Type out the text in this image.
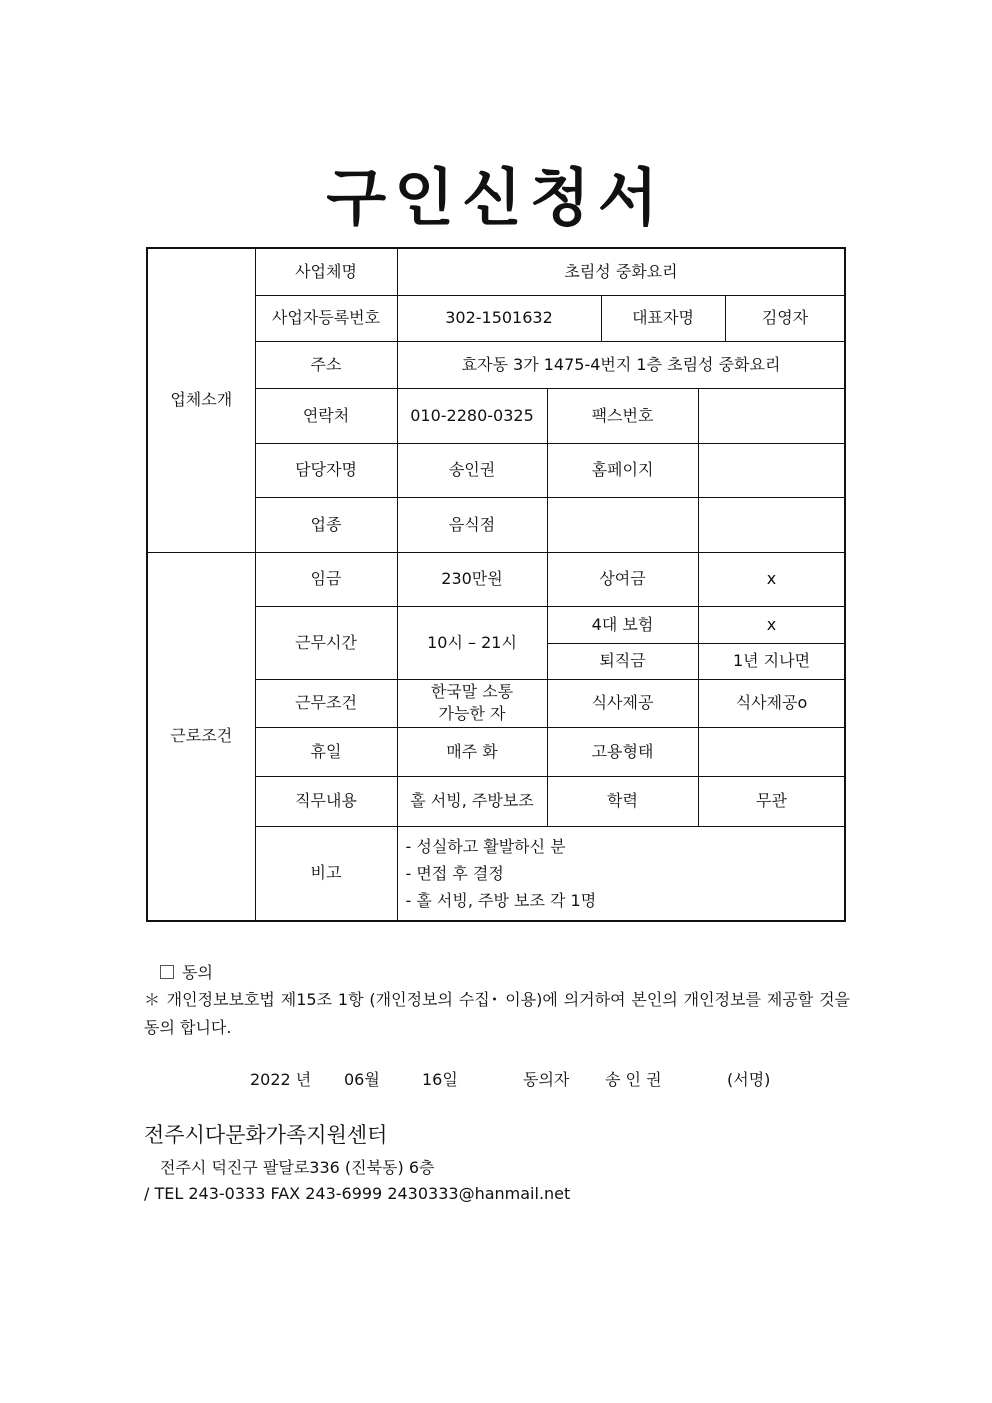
구인신청서
업체소개	사업체명	초림성 중화요리				
	사업자등록번호	302-1501632		대표자명		김영자
	주소	효자동 3가 1475-4번지 1층 초림성 중화요리				
	연락처	010-2280-0325	팩스번호			
	담당자명	송인권	홈페이지			
	업종	음식점				
근로조건	임금	230만원	상여금		x	
	근무시간	10시 – 21시	4대 보험		x	
			퇴직금		1년 지나면	
	근무조건	한국말 소통
가능한 자	식사제공		식사제공o	
	휴일	매주 화	고용형태			
	직무내용	홀 서빙, 주방보조	학력		무관	
	비고	- 성실하고 활발하신 분
- 면접 후 결정
- 홀 서빙, 주방 보조 각 1명				
동의
＊ 개인정보보호법 제15조 1항 (개인정보의 수집･ 이용)에 의거하여 본인의 개인정보를 제공할 것을 동의 합니다.
2022 년 06월	16일	동의자 송 인 권	(서명)
전주시다문화가족지원센터
전주시 덕진구 팔달로336 (진북동) 6층
/ TEL 243-0333 FAX 243-6999 2430333@hanmail.net
